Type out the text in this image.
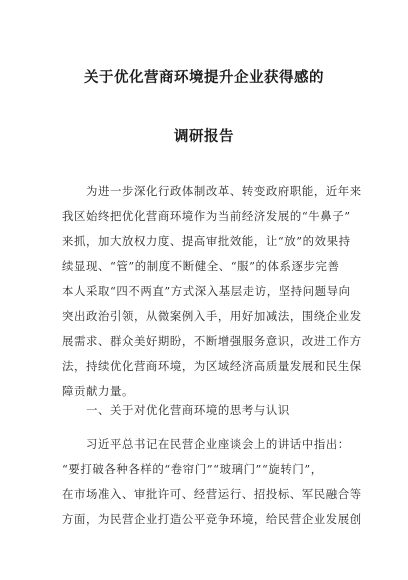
关于优化营商环境提升企业获得感的
调研报告
为进一步深化行政体制改革、转变政府职能，近年来
我区始终把优化营商环境作为当前经济发展的“牛鼻子”
来抓，加大放权力度、提高审批效能，让“放”的效果持
续显现、“管”的制度不断健全、“服”的体系逐步完善
本人采取“四不两直”方式深入基层走访，坚持问题导向
突出政治引领，从微案例入手，用好加减法，围绕企业发
展需求、群众美好期盼，不断增强服务意识，改进工作方
法，持续优化营商环境，为区域经济高质量发展和民生保
障贡献力量。
一、关于对优化营商环境的思考与认识
习近平总书记在民营企业座谈会上的讲话中指出：
“要打破各种各样的“卷帘门”“玻璃门”“旋转门”，
在市场准入、审批许可、经营运行、招投标、军民融合等
方面，为民营企业打造公平竞争环境，给民营企业发展创
